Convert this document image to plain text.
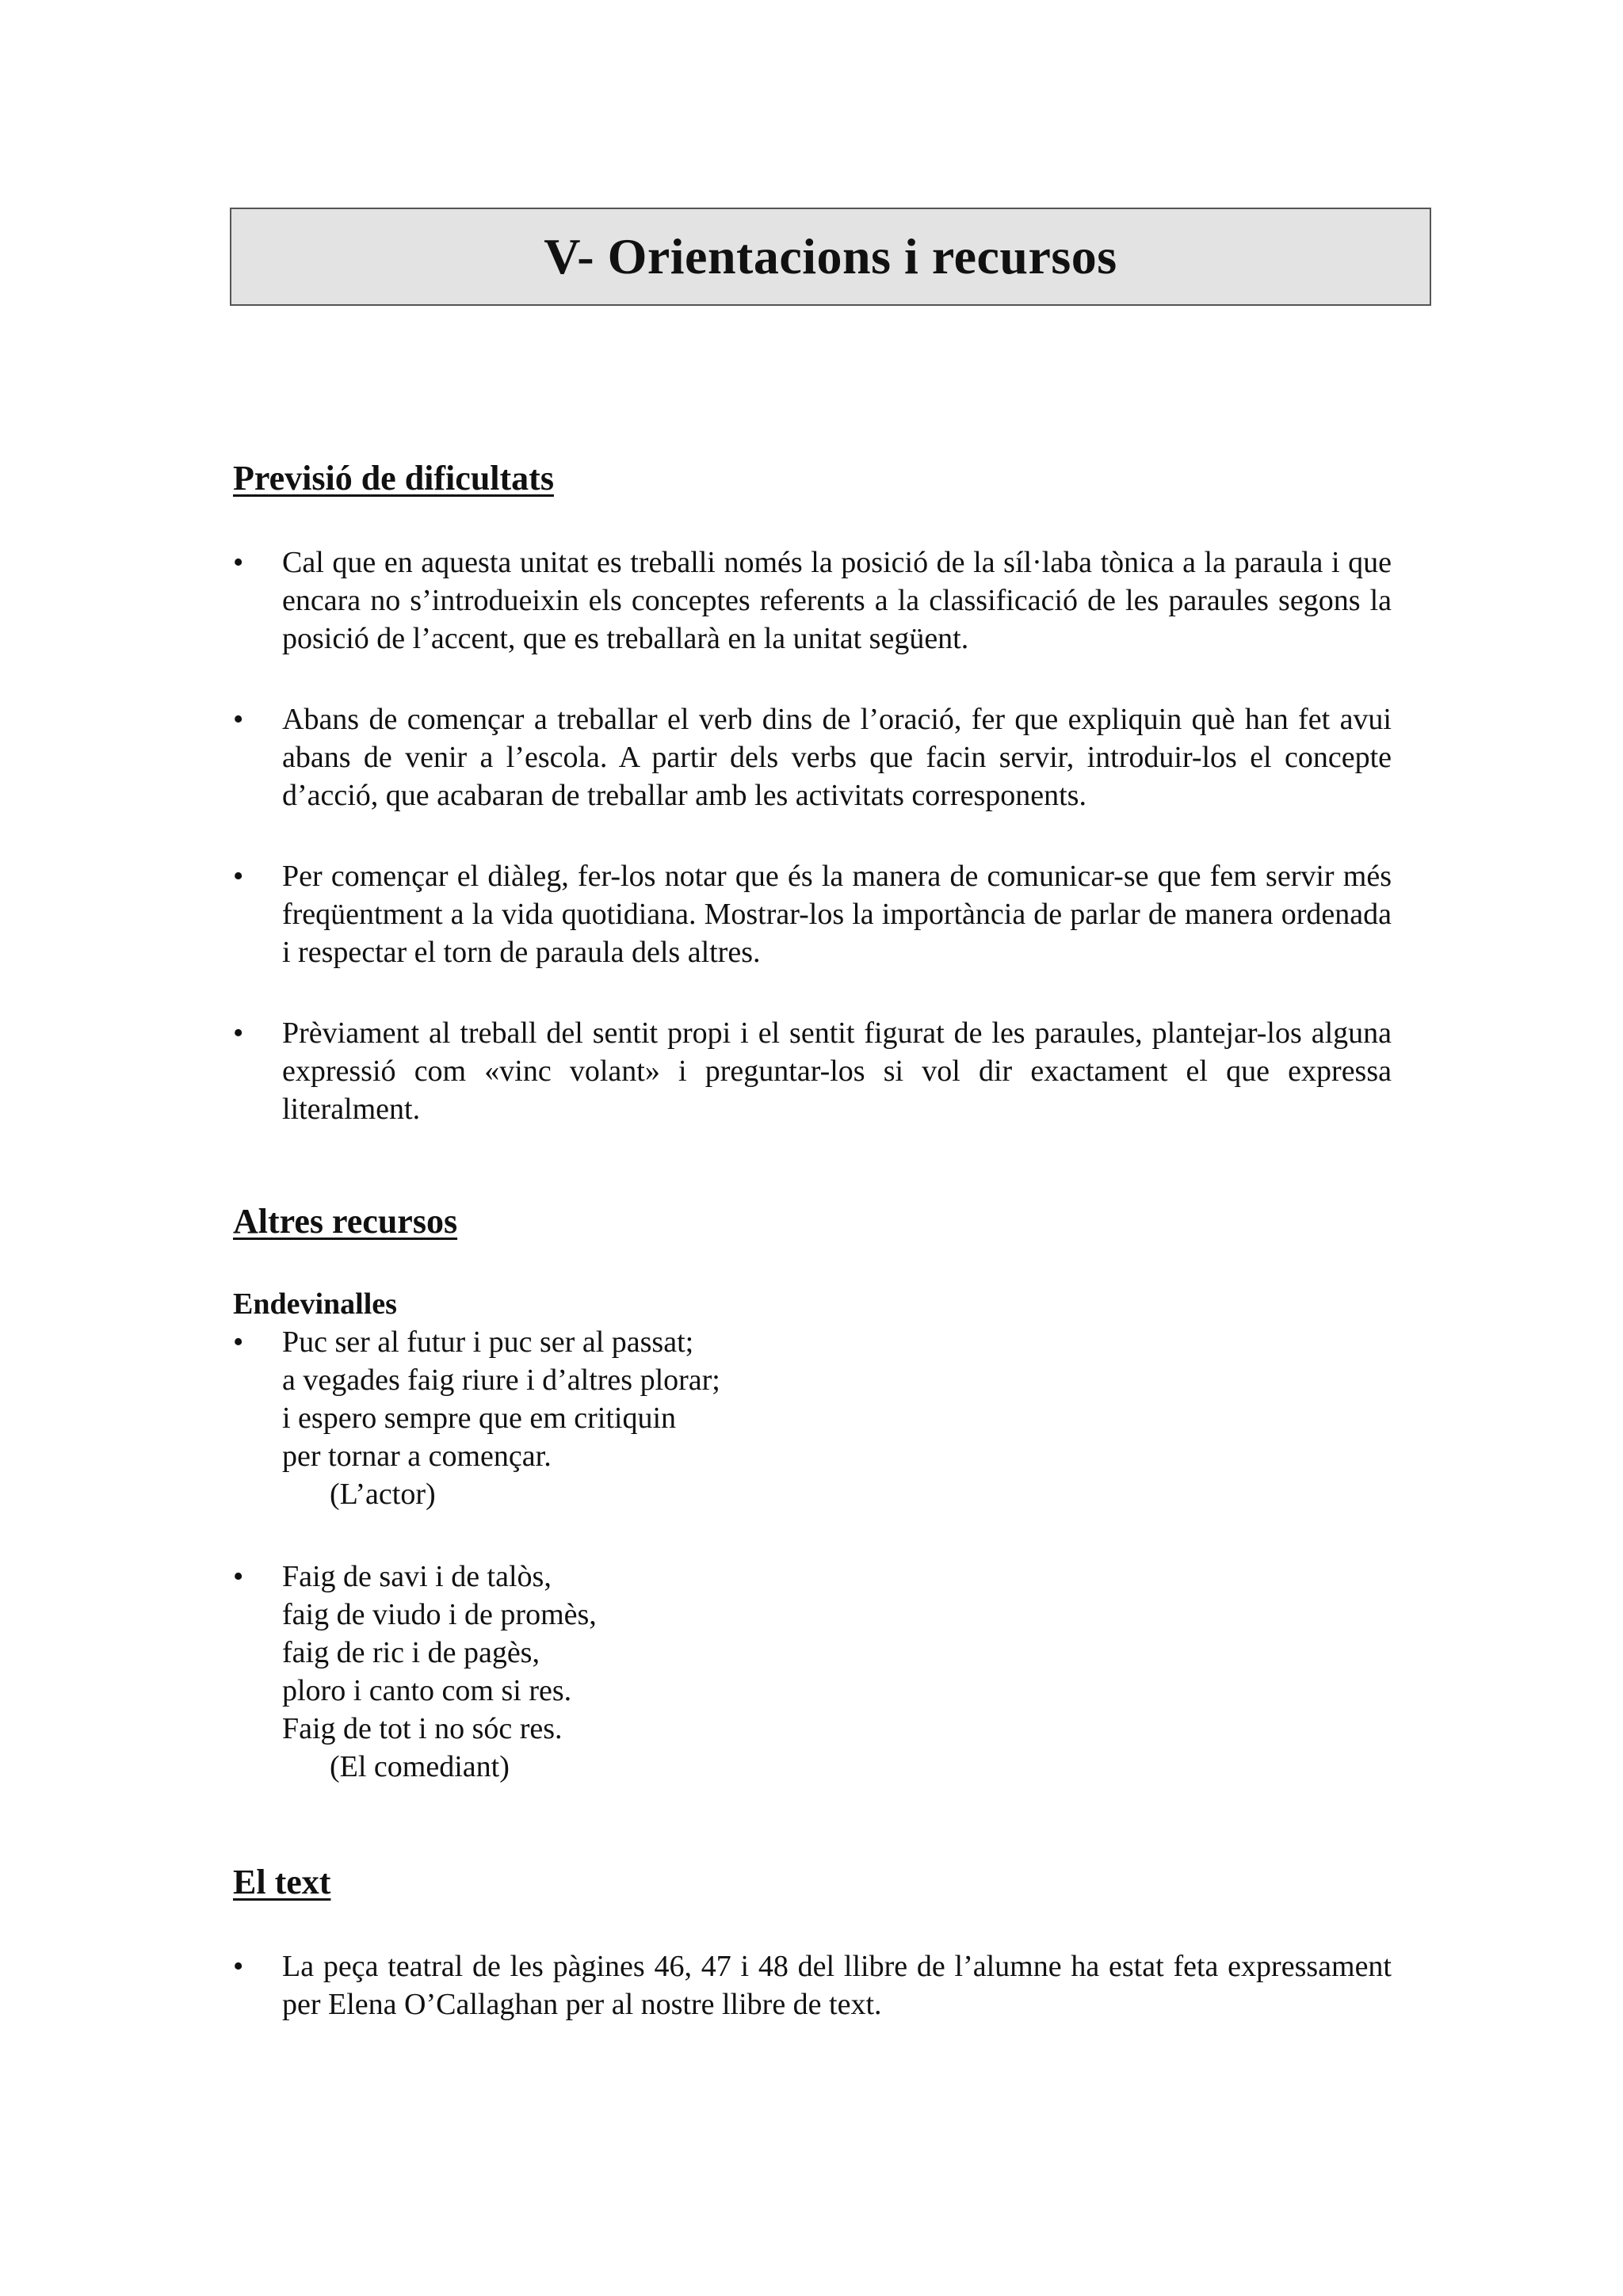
V- Orientacions i recursos
Previsió de dificultats
• Cal que en aquesta unitat es treballi només la posició de la síl·laba tònica a la paraula i que encara no s’introdueixin els conceptes referents a la classificació de les paraules segons la posició de l’accent, que es treballarà en la unitat següent.
• Abans de començar a treballar el verb dins de l’oració, fer que expliquin què han fet avui abans de venir a l’escola. A partir dels verbs que facin servir, introduir-los el concepte d’acció, que acabaran de treballar amb les activitats corresponents.
• Per començar el diàleg, fer-los notar que és la manera de comunicar-se que fem servir més freqüentment a la vida quotidiana. Mostrar-los la importància de parlar de manera ordenada i respectar el torn de paraula dels altres.
• Prèviament al treball del sentit propi i el sentit figurat de les paraules, plantejar-los alguna expressió com «vinc volant» i preguntar-los si vol dir exactament el que expressa literalment.
Altres recursos
Endevinalles
• Puc ser al futur i puc ser al passat;
a vegades faig riure i d’altres plorar;
i espero sempre que em critiquin
per tornar a començar.
(L’actor)
• Faig de savi i de talòs,
faig de viudo i de promès,
faig de ric i de pagès,
ploro i canto com si res.
Faig de tot i no sóc res.
(El comediant)
El text
• La peça teatral de les pàgines 46, 47 i 48 del llibre de l’alumne ha estat feta expressament per Elena O’Callaghan per al nostre llibre de text.
